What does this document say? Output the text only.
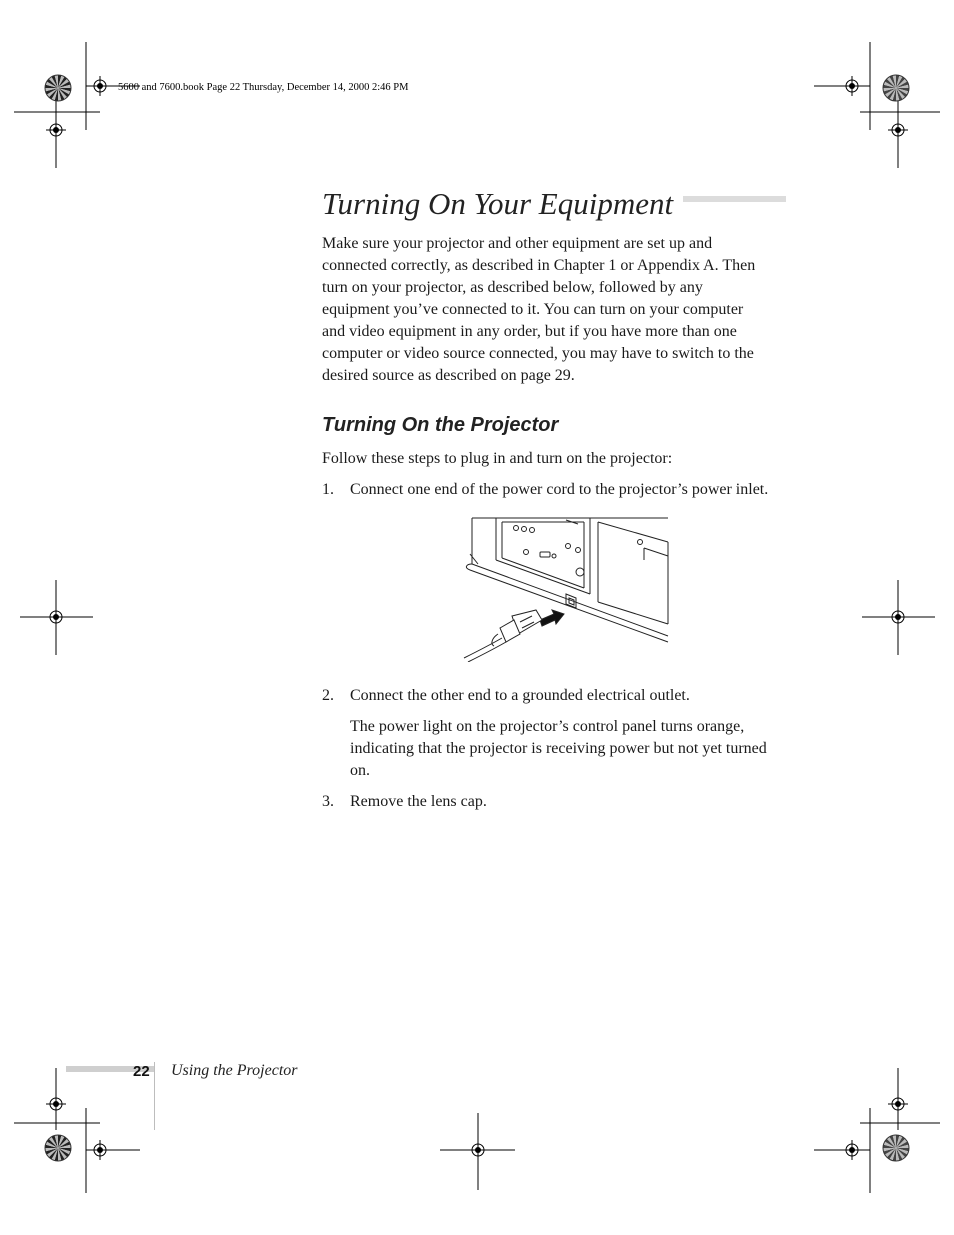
5600 and 7600.book Page 22 Thursday, December 14, 2000 2:46 PM
Turning On Your Equipment
Make sure your projector and other equipment are set up and
connected correctly, as described in Chapter 1 or Appendix A. Then
turn on your projector, as described below, followed by any
equipment you’ve connected to it. You can turn on your computer
and video equipment in any order, but if you have more than one
computer or video source connected, you may have to switch to the
desired source as described on page 29.
Turning On the Projector
Follow these steps to plug in and turn on the projector:
1. Connect one end of the power cord to the projector’s power inlet.
2. Connect the other end to a grounded electrical outlet.
The power light on the projector’s control panel turns orange,
indicating that the projector is receiving power but not yet turned
on.
3. Remove the lens cap.
22 Using the Projector
